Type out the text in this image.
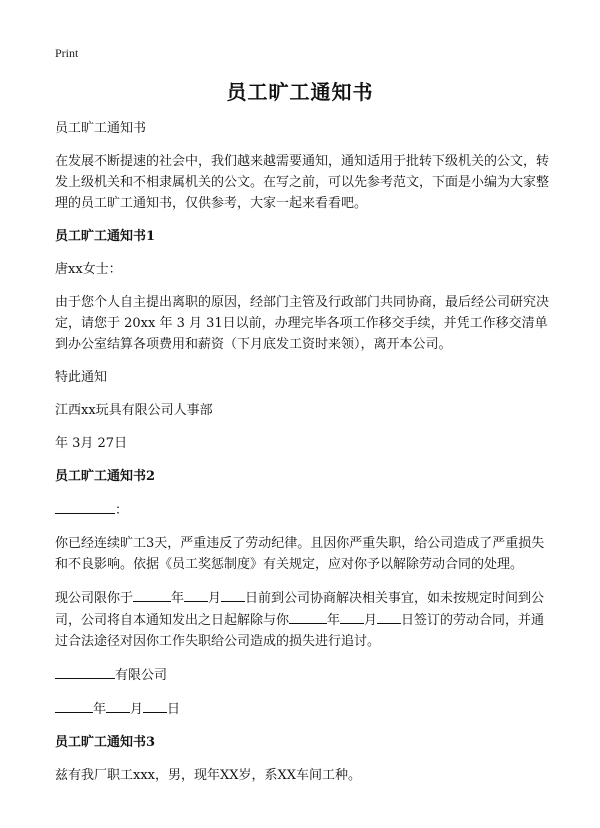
Print
员工旷工通知书

员工旷工通知书

在发展不断提速的社会中，我们越来越需要通知，通知适用于批转下级机关的公文，转发上级机关和不相隶属机关的公文。在写之前，可以先参考范文，下面是小编为大家整理的员工旷工通知书，仅供参考，大家一起来看看吧。

员工旷工通知书1

唐xx女士：

由于您个人自主提出离职的原因，经部门主管及行政部门共同协商，最后经公司研究决定，请您于 20xx 年 3 月 31日以前，办理完毕各项工作移交手续，并凭工作移交清单到办公室结算各项费用和薪资（下月底发工资时来领），离开本公司。

特此通知

江西xx玩具有限公司人事部

年 3月 27日

员工旷工通知书2

：

你已经连续旷工3天，严重违反了劳动纪律。且因你严重失职，给公司造成了严重损失和不良影响。依据《员工奖惩制度》有关规定，应对你予以解除劳动合同的处理。

现公司限你于	年 月 日前到公司协商解决相关事宜，如未按规定时间到公司，公司将自本通知发出之日起解除与你	年 月 日签订的劳动合同，并通过合法途径对因你工作失职给公司造成的损失进行追讨。

有限公司

年 月 日

员工旷工通知书3

兹有我厂职工xxx，男，现年XX岁，系XX车间工种。
